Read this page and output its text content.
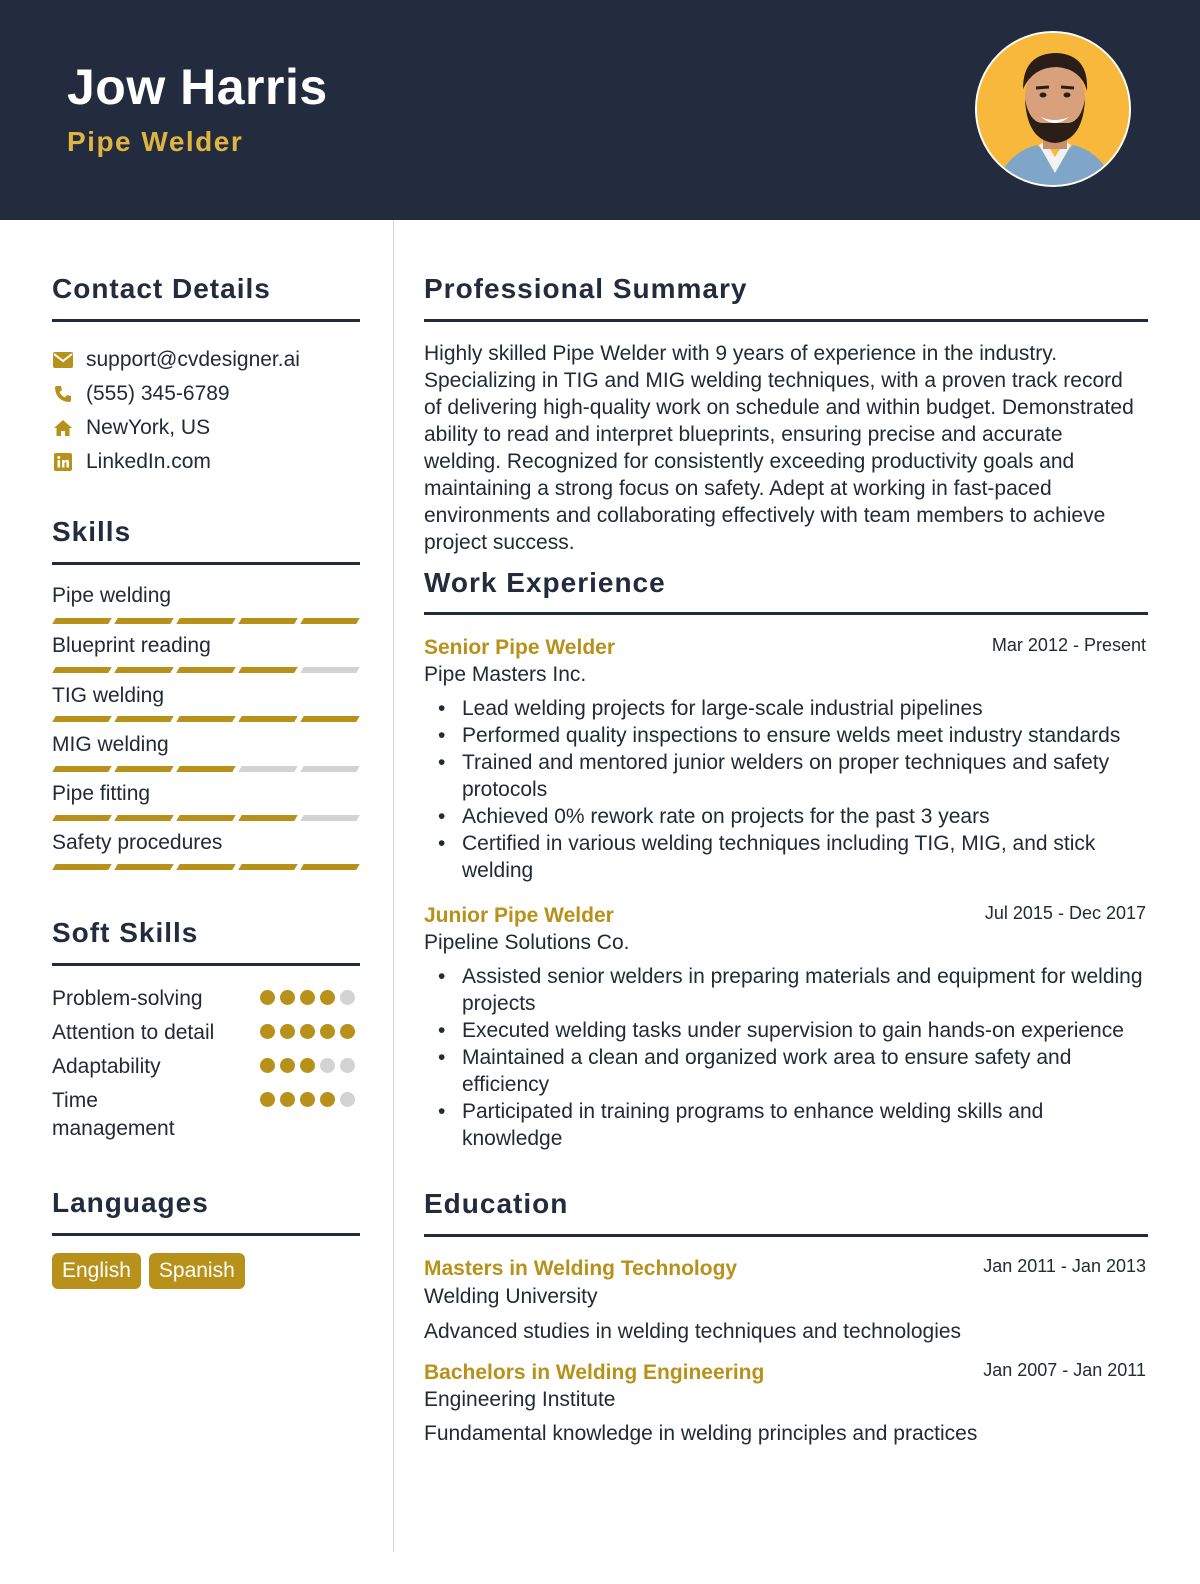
Jow Harris
Pipe Welder
Contact Details
support@cvdesigner.ai
(555) 345-6789
NewYork, US
LinkedIn.com
Skills
Pipe welding
Blueprint reading
TIG welding
MIG welding
Pipe fitting
Safety procedures
Soft Skills
Problem-solving
Attention to detail
Adaptability
Time management
Languages
English	Spanish
Professional Summary
Highly skilled Pipe Welder with 9 years of experience in the industry. Specializing in TIG and MIG welding techniques, with a proven track record of delivering high-quality work on schedule and within budget. Demonstrated ability to read and interpret blueprints, ensuring precise and accurate welding. Recognized for consistently exceeding productivity goals and maintaining a strong focus on safety. Adept at working in fast-paced environments and collaborating effectively with team members to achieve project success.
Work Experience
Senior Pipe Welder	Mar 2012 - Present
Pipe Masters Inc.
• Lead welding projects for large-scale industrial pipelines
• Performed quality inspections to ensure welds meet industry standards
• Trained and mentored junior welders on proper techniques and safety protocols
• Achieved 0% rework rate on projects for the past 3 years
• Certified in various welding techniques including TIG, MIG, and stick welding
Junior Pipe Welder	Jul 2015 - Dec 2017
Pipeline Solutions Co.
• Assisted senior welders in preparing materials and equipment for welding projects
• Executed welding tasks under supervision to gain hands-on experience
• Maintained a clean and organized work area to ensure safety and efficiency
• Participated in training programs to enhance welding skills and knowledge
Education
Masters in Welding Technology	Jan 2011 - Jan 2013
Welding University
Advanced studies in welding techniques and technologies
Bachelors in Welding Engineering	Jan 2007 - Jan 2011
Engineering Institute
Fundamental knowledge in welding principles and practices
